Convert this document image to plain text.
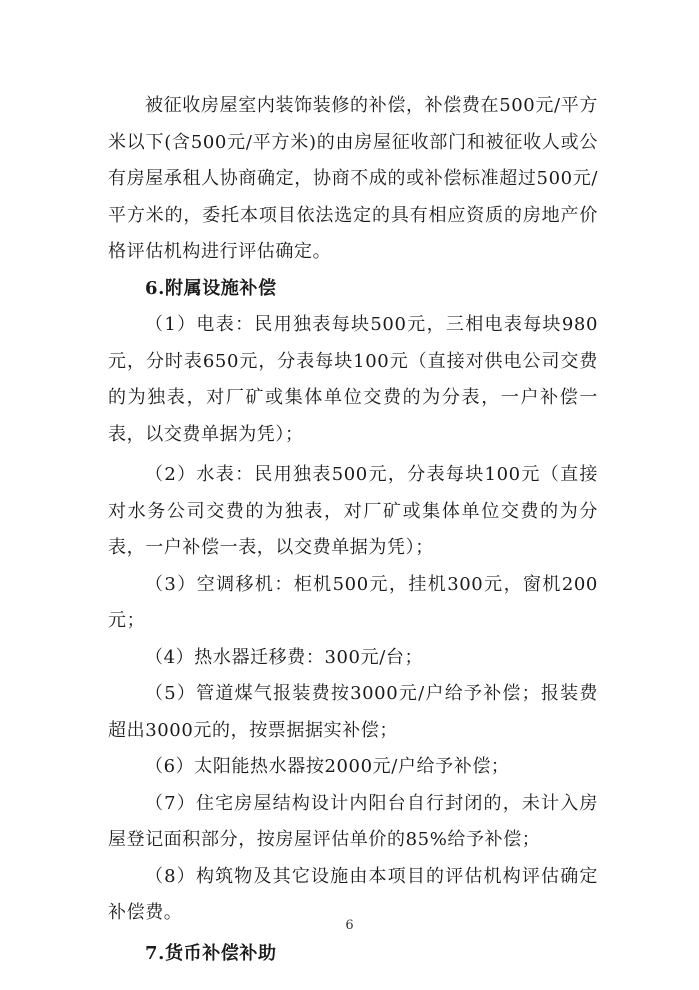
被征收房屋室内装饰装修的补偿，补偿费在500元/平方米以下(含500元/平方米)的由房屋征收部门和被征收人或公有房屋承租人协商确定，协商不成的或补偿标准超过500元/平方米的，委托本项目依法选定的具有相应资质的房地产价格评估机构进行评估确定。

6.附属设施补偿

（1）电表：民用独表每块500元，三相电表每块980元，分时表650元，分表每块100元（直接对供电公司交费的为独表，对厂矿或集体单位交费的为分表，一户补偿一表，以交费单据为凭）；

（2）水表：民用独表500元，分表每块100元（直接对水务公司交费的为独表，对厂矿或集体单位交费的为分表，一户补偿一表，以交费单据为凭）；

（3）空调移机：柜机500元，挂机300元，窗机200元；

（4）热水器迁移费：300元/台；

（5）管道煤气报装费按3000元/户给予补偿；报装费超出3000元的，按票据据实补偿；

（6）太阳能热水器按2000元/户给予补偿；

（7）住宅房屋结构设计内阳台自行封闭的，未计入房屋登记面积部分，按房屋评估单价的85%给予补偿；

（8）构筑物及其它设施由本项目的评估机构评估确定补偿费。

7.货币补偿补助

6
